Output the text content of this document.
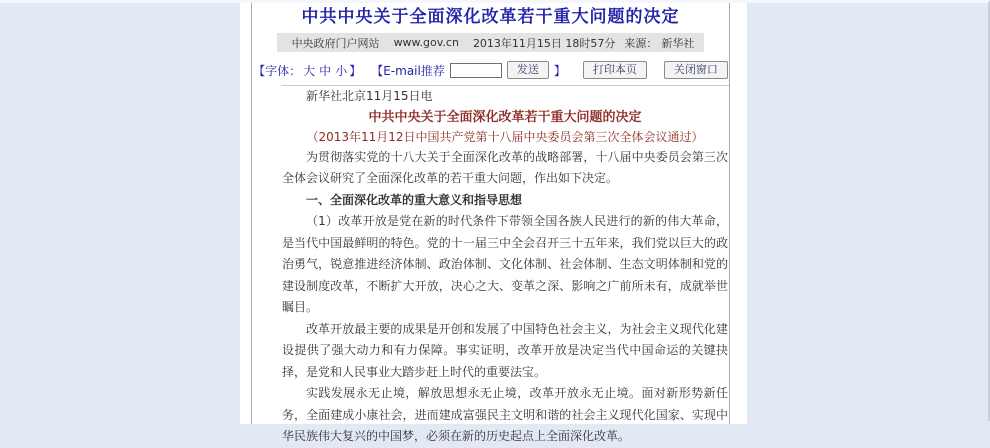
中共中央关于全面深化改革若干重大问题的决定
中央政府门户网站 www.gov.cn 2013年11月15日 18时57分 来源： 新华社
【字体： 大 中 小 】 【E-mail推荐	发送	】	打印本页	关闭窗口

新华社北京11月15日电

中共中央关于全面深化改革若干重大问题的决定

（2013年11月12日中国共产党第十八届中央委员会第三次全体会议通过）

为贯彻落实党的十八大关于全面深化改革的战略部署，十八届中央委员会第三次全体会议研究了全面深化改革的若干重大问题，作出如下决定。

一、全面深化改革的重大意义和指导思想

（1）改革开放是党在新的时代条件下带领全国各族人民进行的新的伟大革命，是当代中国最鲜明的特色。党的十一届三中全会召开三十五年来，我们党以巨大的政治勇气，锐意推进经济体制、政治体制、文化体制、社会体制、生态文明体制和党的建设制度改革，不断扩大开放，决心之大、变革之深、影响之广前所未有，成就举世瞩目。

改革开放最主要的成果是开创和发展了中国特色社会主义，为社会主义现代化建设提供了强大动力和有力保障。事实证明，改革开放是决定当代中国命运的关键抉择，是党和人民事业大踏步赶上时代的重要法宝。

实践发展永无止境，解放思想永无止境，改革开放永无止境。面对新形势新任务，全面建成小康社会，进而建成富强民主文明和谐的社会主义现代化国家、实现中华民族伟大复兴的中国梦，必须在新的历史起点上全面深化改革。
